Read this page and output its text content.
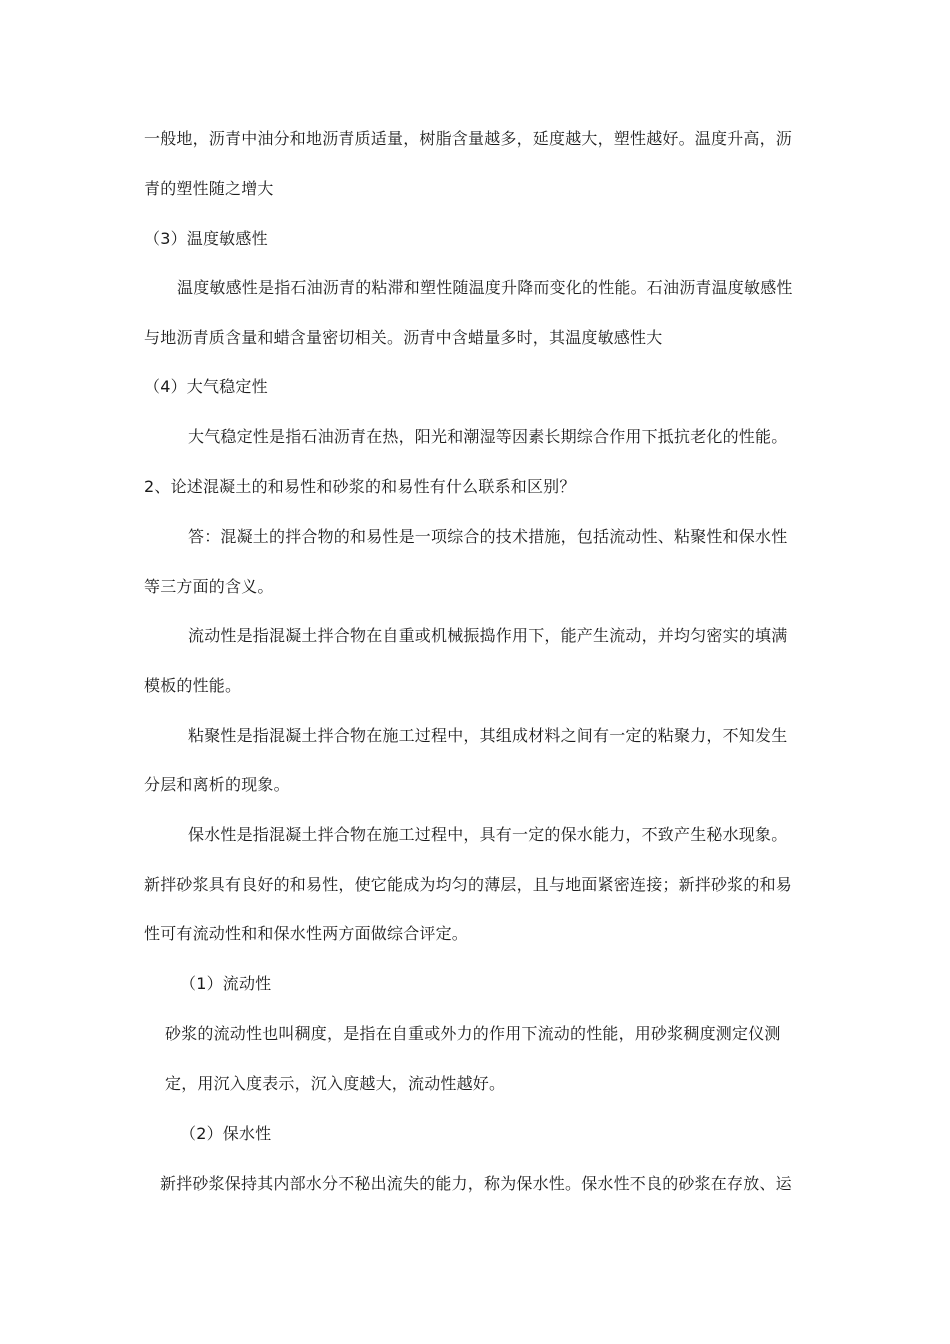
一般地，沥青中油分和地沥青质适量，树脂含量越多，延度越大，塑性越好。温度升高，沥
青的塑性随之增大
（3）温度敏感性
温度敏感性是指石油沥青的粘滞和塑性随温度升降而变化的性能。石油沥青温度敏感性
与地沥青质含量和蜡含量密切相关。沥青中含蜡量多时，其温度敏感性大
（4）大气稳定性
大气稳定性是指石油沥青在热，阳光和潮湿等因素长期综合作用下抵抗老化的性能。
2、论述混凝土的和易性和砂浆的和易性有什么联系和区别？
答：混凝土的拌合物的和易性是一项综合的技术措施，包括流动性、粘聚性和保水性
等三方面的含义。
流动性是指混凝土拌合物在自重或机械振捣作用下，能产生流动，并均匀密实的填满
模板的性能。
粘聚性是指混凝土拌合物在施工过程中，其组成材料之间有一定的粘聚力，不知发生
分层和离析的现象。
保水性是指混凝土拌合物在施工过程中，具有一定的保水能力，不致产生秘水现象。
新拌砂浆具有良好的和易性，使它能成为均匀的薄层，且与地面紧密连接；新拌砂浆的和易
性可有流动性和和保水性两方面做综合评定。
（1）流动性
砂浆的流动性也叫稠度，是指在自重或外力的作用下流动的性能，用砂浆稠度测定仪测
定，用沉入度表示，沉入度越大，流动性越好。
（2）保水性
新拌砂浆保持其内部水分不秘出流失的能力，称为保水性。保水性不良的砂浆在存放、运
